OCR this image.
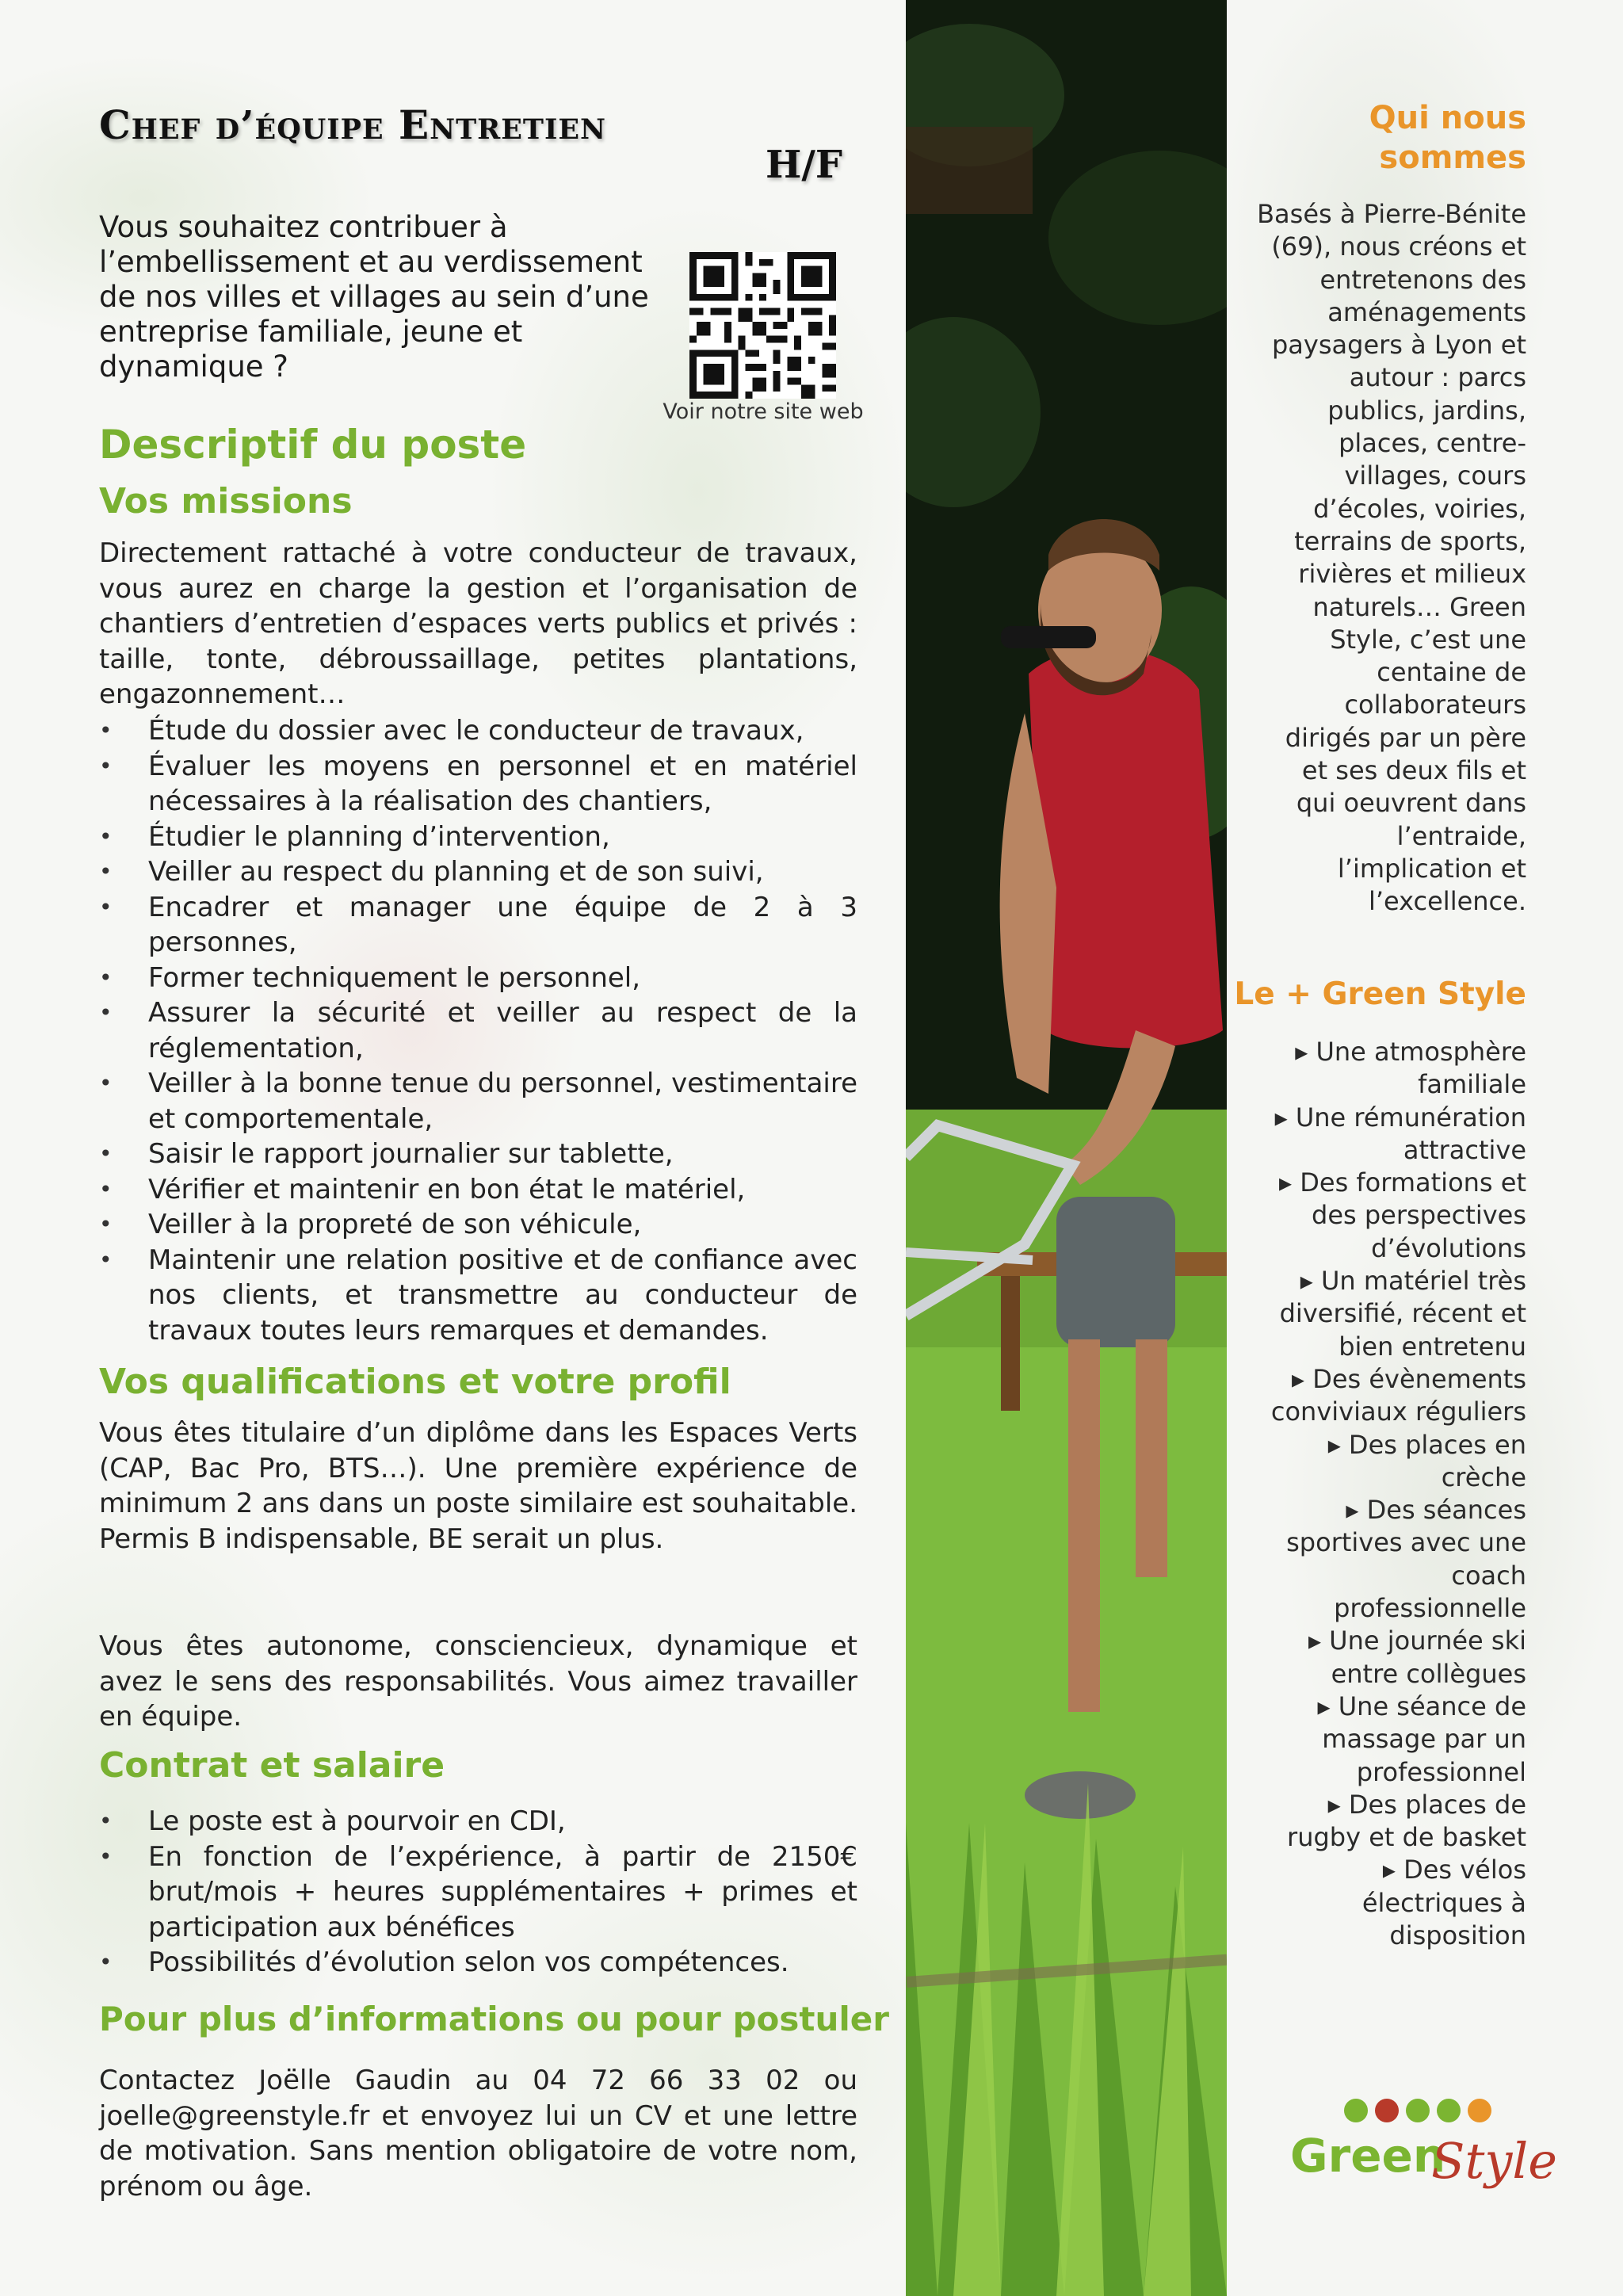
Chef d’équipe Entretien
H/F

Vous souhaitez contribuer à l’embellissement et au verdissement de nos villes et villages au sein d’une entreprise familiale, jeune et dynamique ?

Voir notre site web
Descriptif du poste
Vos missions

Directement rattaché à votre conducteur de travaux, vous aurez en charge la gestion et l’organisation de chantiers d’entretien d’espaces verts publics et privés : taille, tonte, débroussaillage, petites plantations, engazonnement…

• Étude du dossier avec le conducteur de travaux,
• Évaluer les moyens en personnel et en matériel nécessaires à la réalisation des chantiers,
• Étudier le planning d’intervention,
• Veiller au respect du planning et de son suivi,
• Encadrer et manager une équipe de 2 à 3 personnes,
• Former techniquement le personnel,
• Assurer la sécurité et veiller au respect de la réglementation,
• Veiller à la bonne tenue du personnel, vestimentaire et comportementale,
• Saisir le rapport journalier sur tablette,
• Vérifier et maintenir en bon état le matériel,
• Veiller à la propreté de son véhicule,
• Maintenir une relation positive et de confiance avec nos clients, et transmettre au conducteur de travaux toutes leurs remarques et demandes.
Vos qualifications et votre profil

Vous êtes titulaire d’un diplôme dans les Espaces Verts (CAP, Bac Pro, BTS…). Une première expérience de minimum 2 ans dans un poste similaire est souhaitable. Permis B indispensable, BE serait un plus.

Vous êtes autonome, consciencieux, dynamique et avez le sens des responsabilités. Vous aimez travailler en équipe.

Contrat et salaire
• Le poste est à pourvoir en CDI,
• En fonction de l’expérience, à partir de 2150€ brut/mois + heures supplémentaires + primes et participation aux bénéfices
• Possibilités d’évolution selon vos compétences.
Pour plus d’informations ou pour postuler

Contactez Joëlle Gaudin au 04 72 66 33 02 ou joelle@greenstyle.fr et envoyez lui un CV et une lettre de motivation. Sans mention obligatoire de votre nom, prénom ou âge.

Qui nous sommes

Basés à Pierre-Bénite (69), nous créons et entretenons des aménagements paysagers à Lyon et autour : parcs publics, jardins, places, centre-villages, cours d’écoles, voiries, terrains de sports, rivières et milieux naturels… Green Style, c’est une centaine de collaborateurs dirigés par un père et ses deux fils et qui oeuvrent dans l’entraide, l’implication et l’excellence.

Le + Green Style
▸ Une atmosphère familiale
▸ Une rémunération attractive
▸ Des formations et des perspectives d’évolutions
▸ Un matériel très diversifié, récent et bien entretenu
▸ Des évènements conviviaux réguliers
▸ Des places en crèche
▸ Des séances sportives avec une coach professionnelle
▸ Une journée ski entre collègues
▸ Une séance de massage par un professionnel
▸ Des places de rugby et de basket
▸ Des vélos électriques à disposition
Green
Style
